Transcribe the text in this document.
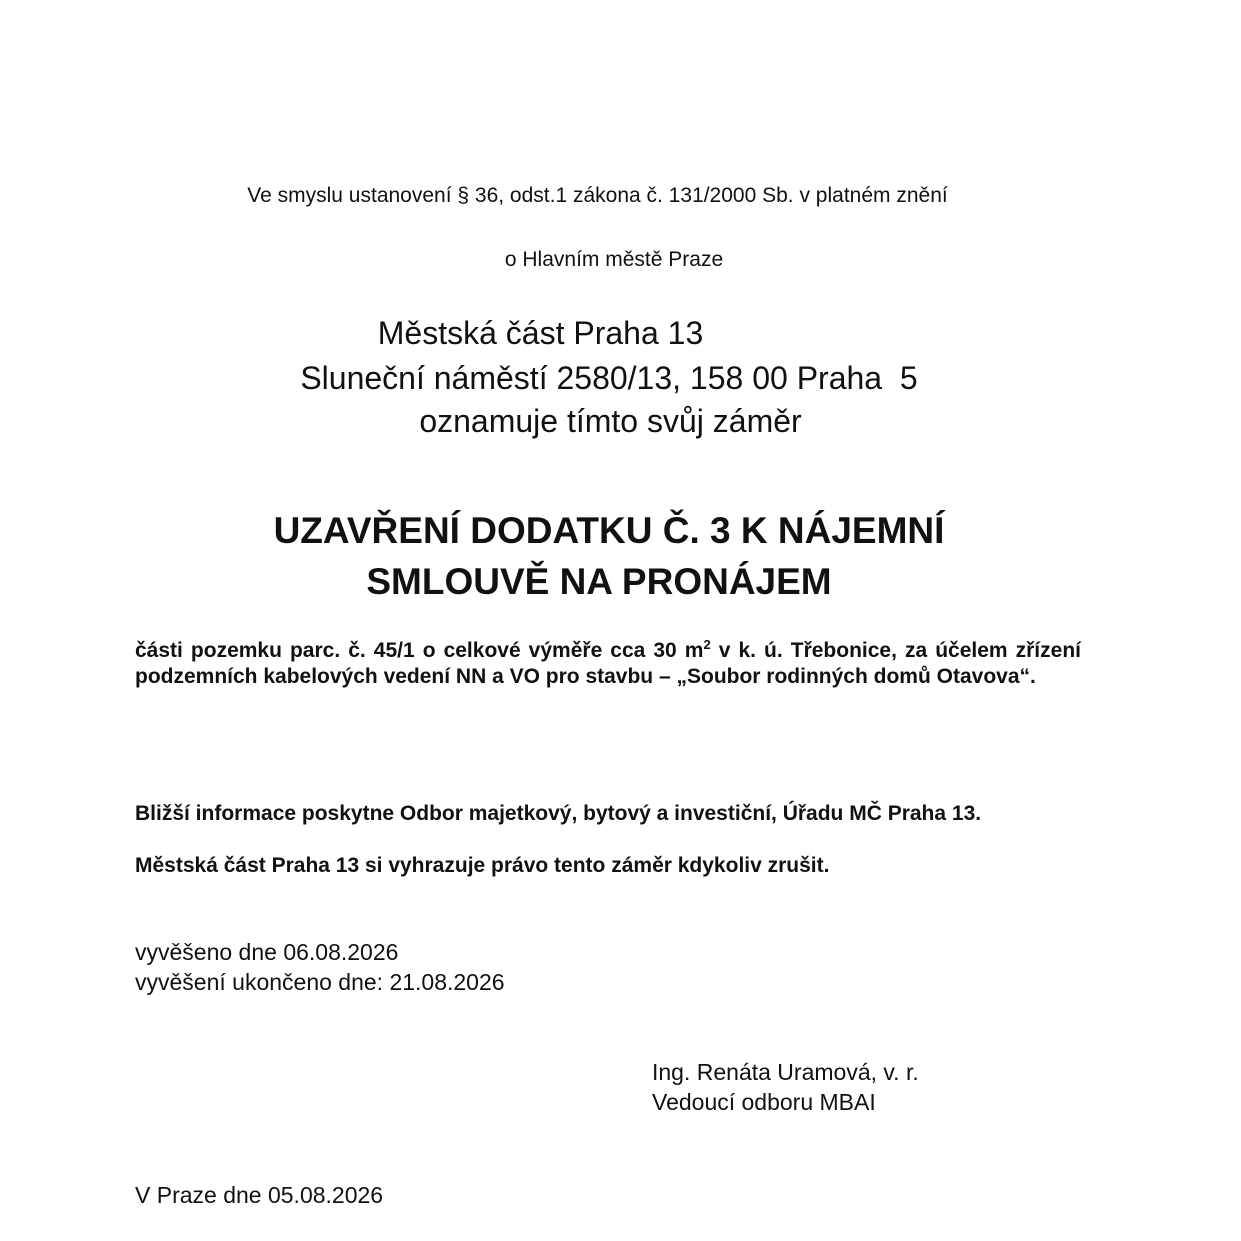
Ve smyslu ustanovení § 36, odst.1 zákona č. 131/2000 Sb. v platném znění
o Hlavním městě Praze
Městská část Praha 13
Sluneční náměstí 2580/13, 158 00 Praha  5
oznamuje tímto svůj záměr
UZAVŘENÍ DODATKU Č. 3 K NÁJEMNÍ
SMLOUVĚ NA PRONÁJEM
části pozemku parc. č. 45/1 o celkové výměře cca 30 $m^2$ v k. ú. Třebonice, za účelem zřízení podzemních kabelových vedení NN a VO pro stavbu – „Soubor rodinných domů Otavova“.
Bližší informace poskytne Odbor majetkový, bytový a investiční, Úřadu MČ Praha 13.
Městská část Praha 13 si vyhrazuje právo tento záměr kdykoliv zrušit.
vyvěšeno dne 06.08.2026
vyvěšení ukončeno dne: 21.08.2026
Ing. Renáta Uramová, v. r.
Vedoucí odboru MBAI
V Praze dne 05.08.2026
